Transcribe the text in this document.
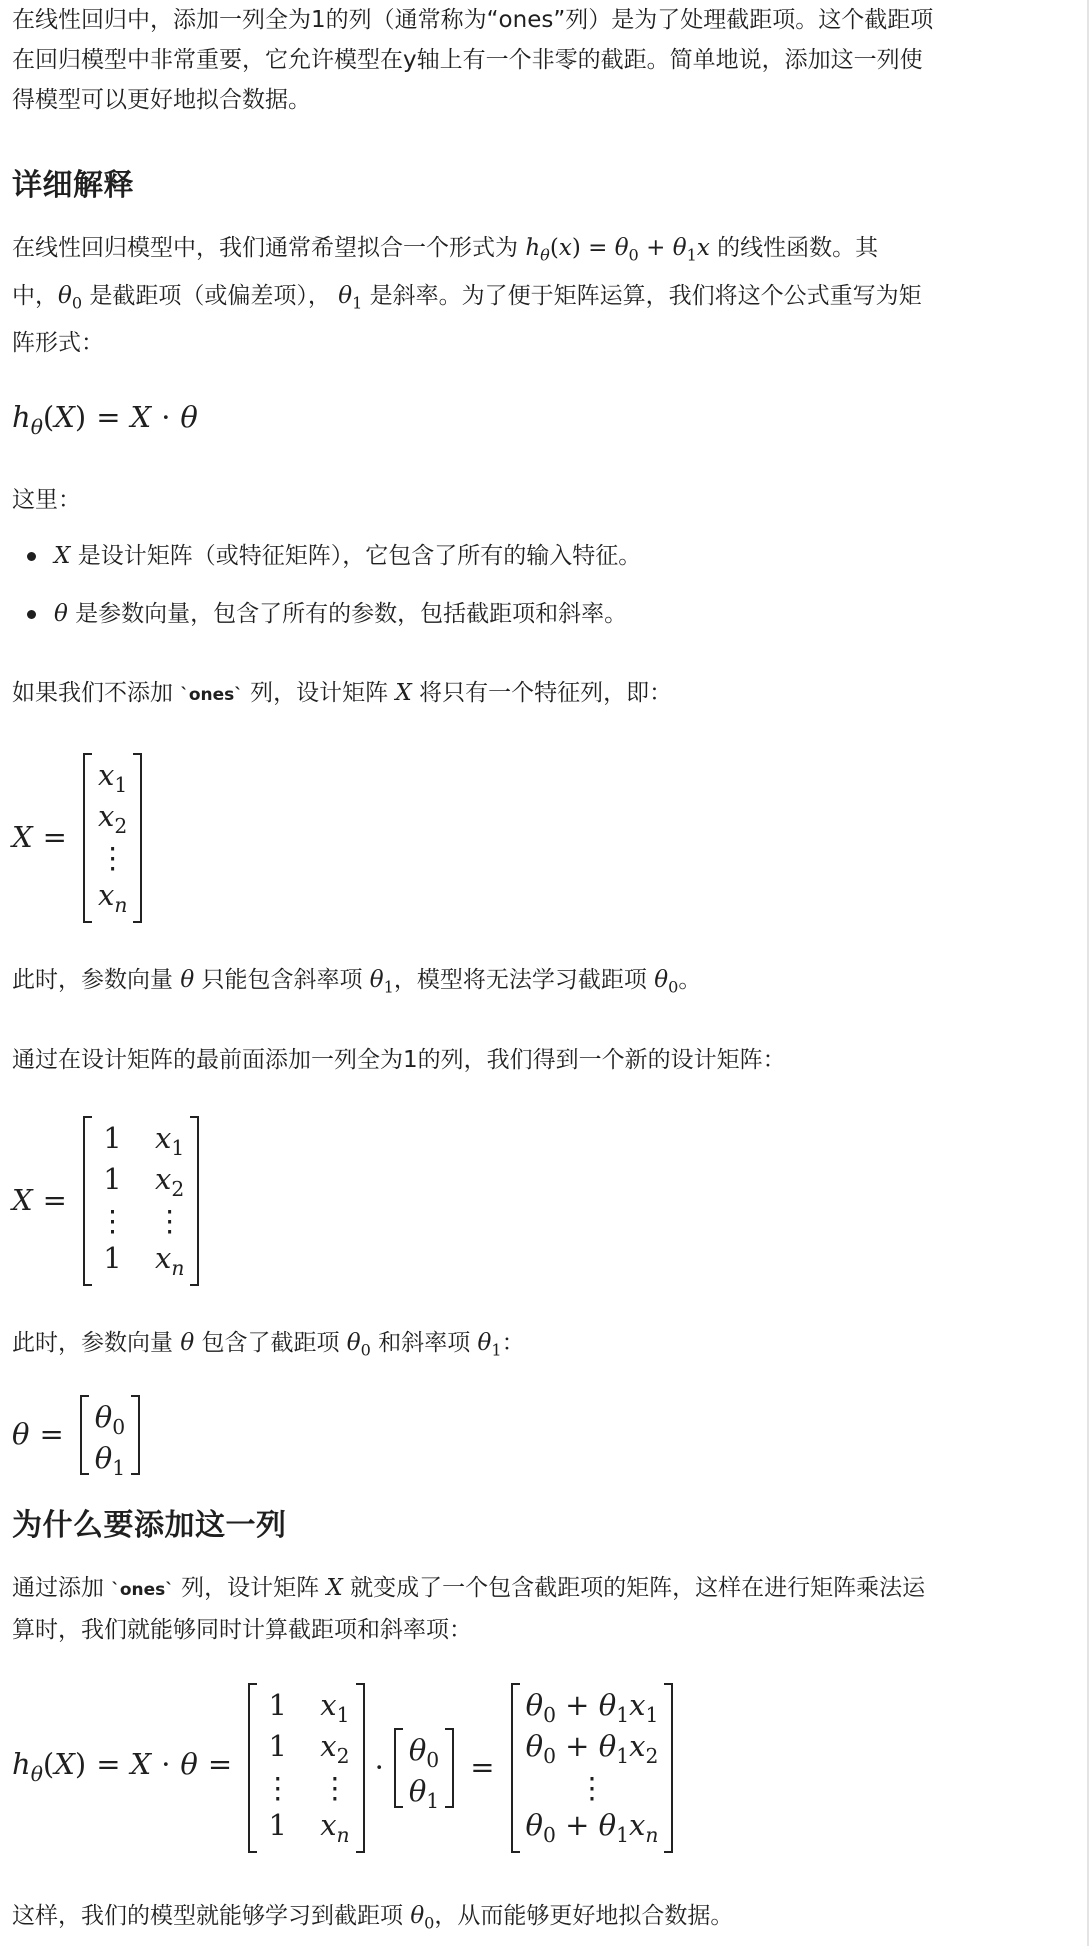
在线性回归中，添加一列全为1的列（通常称为“ones”列）是为了处理截距项。这个截距项
在回归模型中非常重要，它允许模型在y轴上有一个非零的截距。简单地说，添加这一列使
得模型可以更好地拟合数据。
详细解释
在线性回归模型中，我们通常希望拟合一个形式为 $h_\theta(x) = \theta_0 + \theta_1x$ 的线性函数。其
中，$\theta_0$ 是截距项（或偏差项）， $\theta_1$ 是斜率。为了便于矩阵运算，我们将这个公式重写为矩
阵形式：
$h_\theta(X) = X \cdot \theta$
这里：
X 是设计矩阵（或特征矩阵），它包含了所有的输入特征。
θ 是参数向量，包含了所有的参数，包括截距项和斜率。
如果我们不添加 `ones` 列，设计矩阵 X 将只有一个特征列，即：
X =
$x_1$
$x_2$
⋮
$x_n$
此时，参数向量 θ 只能包含斜率项 $\theta_1$，模型将无法学习截距项 $\theta_0$。
通过在设计矩阵的最前面添加一列全为1的列，我们得到一个新的设计矩阵：
X =
1 $x_1$
1 $x_2$
⋮ ⋮
1 $x_n$
此时，参数向量 θ 包含了截距项 $\theta_0$ 和斜率项 $\theta_1$：
θ =
$\theta_0$
$\theta_1$
为什么要添加这一列
通过添加 `ones` 列，设计矩阵 X 就变成了一个包含截距项的矩阵，这样在进行矩阵乘法运
算时，我们就能够同时计算截距项和斜率项：
$h_\theta(X) = X \cdot \theta$ =
1 $x_1$
1 $x_2$
⋮ ⋮
1 $x_n$
·
$\theta_0$
$\theta_1$
=
$\theta_0 + \theta_1x_1$
$\theta_0 + \theta_1x_2$
⋮
$\theta_0 + \theta_1x_n$
这样，我们的模型就能够学习到截距项 $\theta_0$，从而能够更好地拟合数据。
